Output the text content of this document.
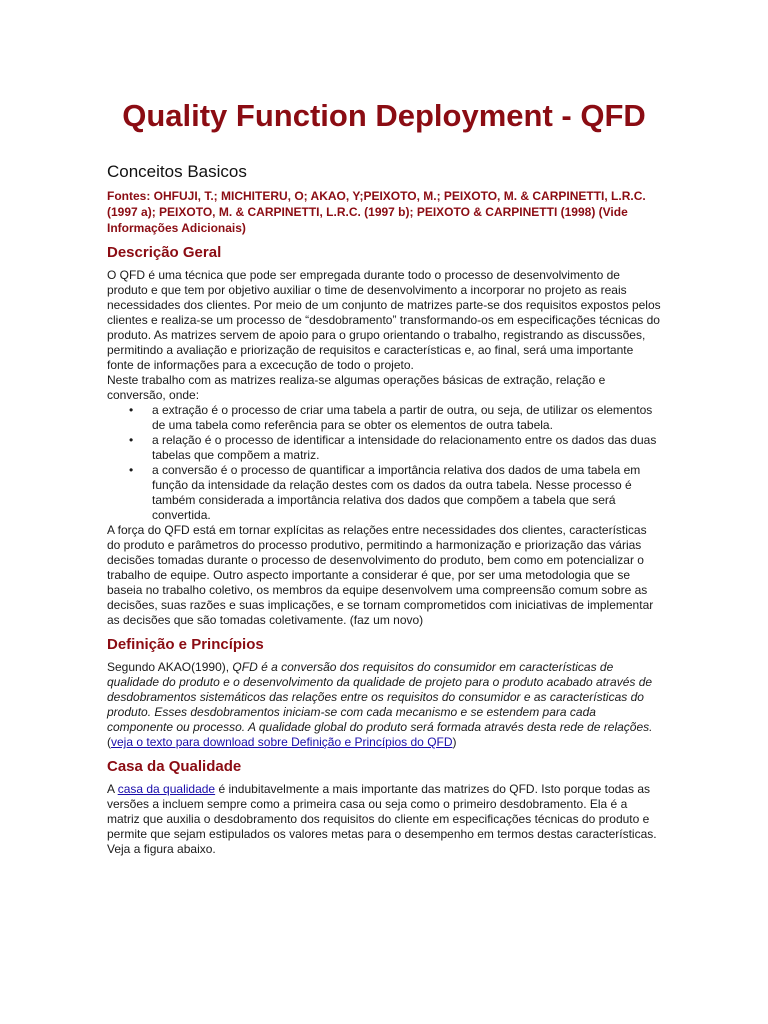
Quality Function Deployment - QFD
Conceitos Basicos

Fontes: OHFUJI, T.; MICHITERU, O; AKAO, Y;PEIXOTO, M.; PEIXOTO, M. & CARPINETTI, L.R.C. (1997 a); PEIXOTO, M. & CARPINETTI, L.R.C. (1997 b); PEIXOTO & CARPINETTI (1998) (Vide Informações Adicionais)

Descrição Geral

O QFD é uma técnica que pode ser empregada durante todo o processo de desenvolvimento de produto e que tem por objetivo auxiliar o time de desenvolvimento a incorporar no projeto as reais necessidades dos clientes. Por meio de um conjunto de matrizes parte-se dos requisitos expostos pelos clientes e realiza-se um processo de “desdobramento” transformando-os em especificações técnicas do produto. As matrizes servem de apoio para o grupo orientando o trabalho, registrando as discussões, permitindo a avaliação e priorização de requisitos e características e, ao final, será uma importante fonte de informações para a excecução de todo o projeto.

Neste trabalho com as matrizes realiza-se algumas operações básicas de extração, relação e conversão, onde:

• a extração é o processo de criar uma tabela a partir de outra, ou seja, de utilizar os elementos de uma tabela como referência para se obter os elementos de outra tabela.
• a relação é o processo de identificar a intensidade do relacionamento entre os dados das duas tabelas que compõem a matriz.
• a conversão é o processo de quantificar a importância relativa dos dados de uma tabela em função da intensidade da relação destes com os dados da outra tabela. Nesse processo é também considerada a importância relativa dos dados que compõem a tabela que será convertida.

A força do QFD está em tornar explícitas as relações entre necessidades dos clientes, características do produto e parâmetros do processo produtivo, permitindo a harmonização e priorização das várias decisões tomadas durante o processo de desenvolvimento do produto, bem como em potencializar o trabalho de equipe. Outro aspecto importante a considerar é que, por ser uma metodologia que se baseia no trabalho coletivo, os membros da equipe desenvolvem uma compreensão comum sobre as decisões, suas razões e suas implicações, e se tornam comprometidos com iniciativas de implementar as decisões que são tomadas coletivamente. (faz um novo)

Definição e Princípios

Segundo AKAO(1990), QFD é a conversão dos requisitos do consumidor em características de qualidade do produto e o desenvolvimento da qualidade de projeto para o produto acabado através de desdobramentos sistemáticos das relações entre os requisitos do consumidor e as características do produto. Esses desdobramentos iniciam-se com cada mecanismo e se estendem para cada componente ou processo. A qualidade global do produto será formada através desta rede de relações. (veja o texto para download sobre Definição e Princípios do QFD)

Casa da Qualidade

A casa da qualidade é indubitavelmente a mais importante das matrizes do QFD. Isto porque todas as versões a incluem sempre como a primeira casa ou seja como o primeiro desdobramento. Ela é a matriz que auxilia o desdobramento dos requisitos do cliente em especificações técnicas do produto e permite que sejam estipulados os valores metas para o desempenho em termos destas características. Veja a figura abaixo.
